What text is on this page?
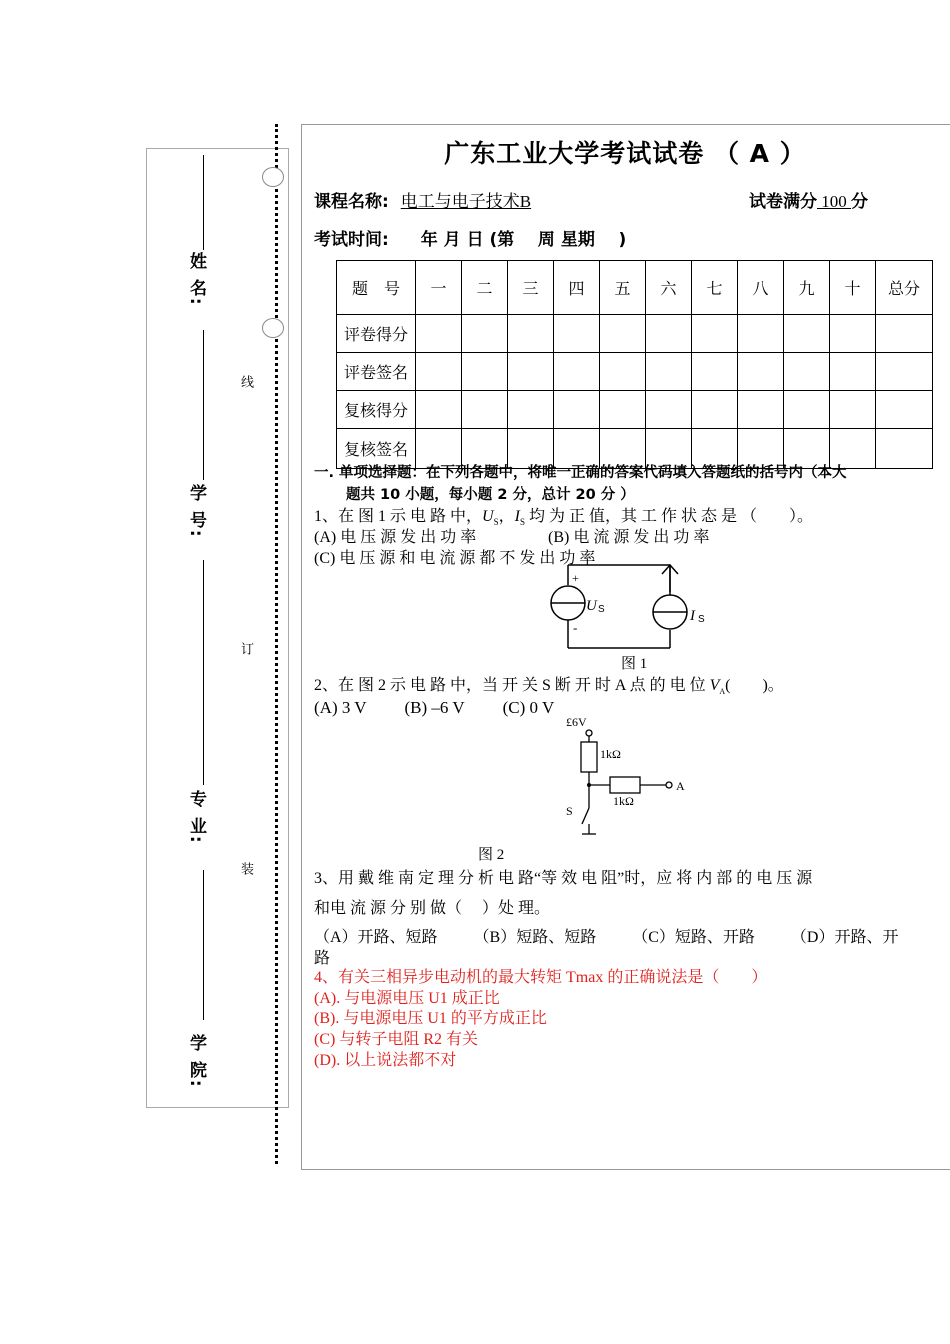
姓 名:
学 号:
专 业:
学 院:
线
订
装
广东工业大学考试试卷 （ A ）
课程名称: 电工与电子技术B	试卷满分 100 分
考试时间: 年 月 日 (第    周 星期    )
题　号	一	二	三	四	五	六	七	八	九	十	总分
评卷得分											
评卷签名											
复核得分											
复核签名											
一. 单项选择题：在下列各题中，将唯一正确的答案代码填入答题纸的括号内（本大
题共 10 小题，每小题 2 分，总计 20 分 ）
1、在 图 1 示 电 路 中，$U_S$，$I_S$ 均 为 正 值，其 工 作 状 态 是 （　　）。
(A) 电 压 源 发 出 功 率	(B) 电 流 源 发 出 功 率
(C) 电 压 源 和 电 流 源 都 不 发 出 功 率
+
-
U S	I S
图 1
2、在 图 2 示 电 路 中，当 开 关 S 断 开 时 A 点 的 电 位 $V_A$(　　)。
(A) 3 V　　 (B) –6 V　　 (C) 0 V
£6V
1kΩ
1kΩ
A
S
图 2
3、用 戴 维 南 定 理 分 析 电 路“等 效 电 阻”时，应 将 内 部 的 电 压 源
和电 流 源 分 别 做（　 ）处 理。
（A）开路、短路　　 （B）短路、短路　　 （C）短路、开路　　 （D）开路、开
路
4、有关三相异步电动机的最大转矩 Tmax 的正确说法是（　　）
(A). 与电源电压 U1 成正比
(B). 与电源电压 U1 的平方成正比
(C) 与转子电阻 R2 有关
(D). 以上说法都不对
